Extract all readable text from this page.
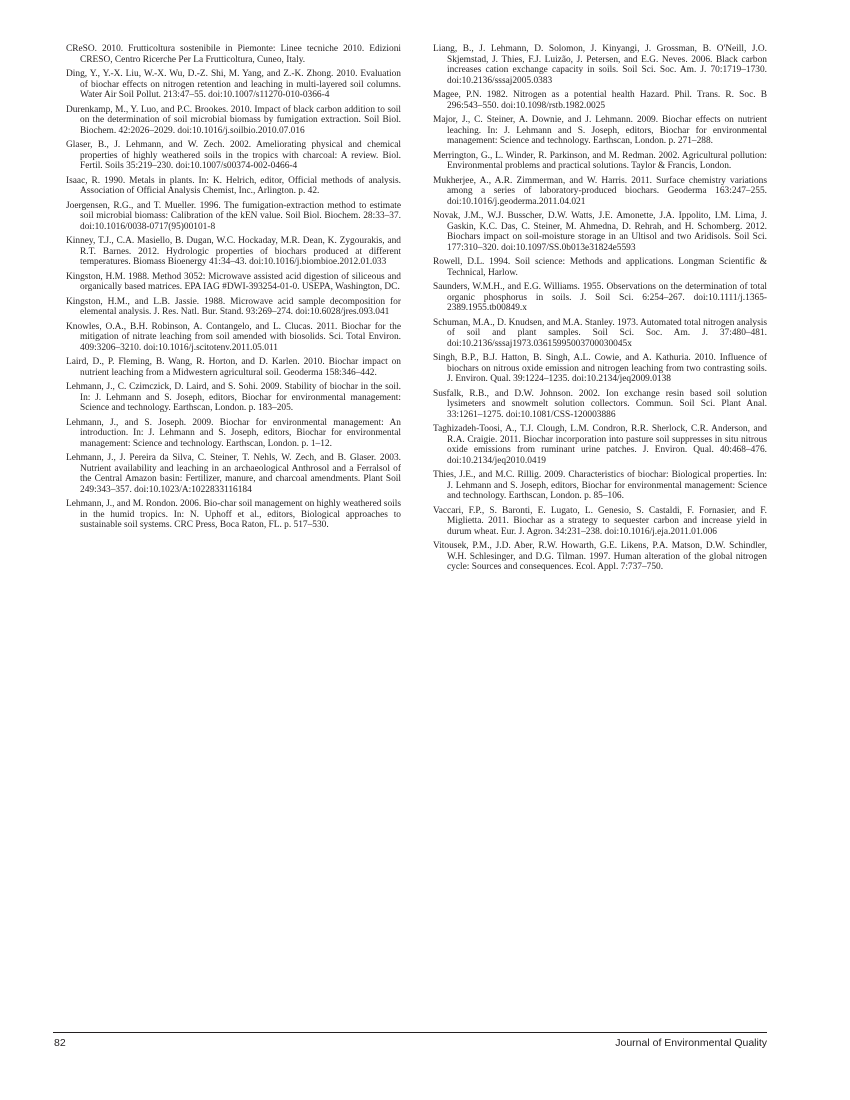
CReSO. 2010. Frutticoltura sostenibile in Piemonte: Linee tecniche 2010. Edizioni CRESO, Centro Ricerche Per La Frutticoltura, Cuneo, Italy.

Ding, Y., Y.-X. Liu, W.-X. Wu, D.-Z. Shi, M. Yang, and Z.-K. Zhong. 2010. Evaluation of biochar effects on nitrogen retention and leaching in multi-layered soil columns. Water Air Soil Pollut. 213:47–55. doi:10.1007/s11270-010-0366-4

Durenkamp, M., Y. Luo, and P.C. Brookes. 2010. Impact of black carbon addition to soil on the determination of soil microbial biomass by fumigation extraction. Soil Biol. Biochem. 42:2026–2029. doi:10.1016/j.soilbio.2010.07.016

Glaser, B., J. Lehmann, and W. Zech. 2002. Ameliorating physical and chemical properties of highly weathered soils in the tropics with charcoal: A review. Biol. Fertil. Soils 35:219–230. doi:10.1007/s00374-002-0466-4

Isaac, R. 1990. Metals in plants. In: K. Helrich, editor, Official methods of analysis. Association of Official Analysis Chemist, Inc., Arlington. p. 42.

Joergensen, R.G., and T. Mueller. 1996. The fumigation-extraction method to estimate soil microbial biomass: Calibration of the kEN value. Soil Biol. Biochem. 28:33–37. doi:10.1016/0038-0717(95)00101-8

Kinney, T.J., C.A. Masiello, B. Dugan, W.C. Hockaday, M.R. Dean, K. Zygourakis, and R.T. Barnes. 2012. Hydrologic properties of biochars produced at different temperatures. Biomass Bioenergy 41:34–43. doi:10.1016/j.biombioe.2012.01.033

Kingston, H.M. 1988. Method 3052: Microwave assisted acid digestion of siliceous and organically based matrices. EPA IAG #DWI-393254-01-0. USEPA, Washington, DC.

Kingston, H.M., and L.B. Jassie. 1988. Microwave acid sample decomposition for elemental analysis. J. Res. Natl. Bur. Stand. 93:269–274. doi:10.6028/jres.093.041

Knowles, O.A., B.H. Robinson, A. Contangelo, and L. Clucas. 2011. Biochar for the mitigation of nitrate leaching from soil amended with biosolids. Sci. Total Environ. 409:3206–3210. doi:10.1016/j.scitotenv.2011.05.011

Laird, D., P. Fleming, B. Wang, R. Horton, and D. Karlen. 2010. Biochar impact on nutrient leaching from a Midwestern agricultural soil. Geoderma 158:346–442.

Lehmann, J., C. Czimczick, D. Laird, and S. Sohi. 2009. Stability of biochar in the soil. In: J. Lehmann and S. Joseph, editors, Biochar for environmental management: Science and technology. Earthscan, London. p. 183–205.

Lehmann, J., and S. Joseph. 2009. Biochar for environmental management: An introduction. In: J. Lehmann and S. Joseph, editors, Biochar for environmental management: Science and technology. Earthscan, London. p. 1–12.

Lehmann, J., J. Pereira da Silva, C. Steiner, T. Nehls, W. Zech, and B. Glaser. 2003. Nutrient availability and leaching in an archaeological Anthrosol and a Ferralsol of the Central Amazon basin: Fertilizer, manure, and charcoal amendments. Plant Soil 249:343–357. doi:10.1023/A:1022833116184

Lehmann, J., and M. Rondon. 2006. Bio-char soil management on highly weathered soils in the humid tropics. In: N. Uphoff et al., editors, Biological approaches to sustainable soil systems. CRC Press, Boca Raton, FL. p. 517–530.

Liang, B., J. Lehmann, D. Solomon, J. Kinyangi, J. Grossman, B. O'Neill, J.O. Skjemstad, J. Thies, F.J. Luizão, J. Petersen, and E.G. Neves. 2006. Black carbon increases cation exchange capacity in soils. Soil Sci. Soc. Am. J. 70:1719–1730. doi:10.2136/sssaj2005.0383

Magee, P.N. 1982. Nitrogen as a potential health Hazard. Phil. Trans. R. Soc. B 296:543–550. doi:10.1098/rstb.1982.0025

Major, J., C. Steiner, A. Downie, and J. Lehmann. 2009. Biochar effects on nutrient leaching. In: J. Lehmann and S. Joseph, editors, Biochar for environmental management: Science and technology. Earthscan, London. p. 271–288.

Merrington, G., L. Winder, R. Parkinson, and M. Redman. 2002. Agricultural pollution: Environmental problems and practical solutions. Taylor & Francis, London.

Mukherjee, A., A.R. Zimmerman, and W. Harris. 2011. Surface chemistry variations among a series of laboratory-produced biochars. Geoderma 163:247–255. doi:10.1016/j.geoderma.2011.04.021

Novak, J.M., W.J. Busscher, D.W. Watts, J.E. Amonette, J.A. Ippolito, I.M. Lima, J. Gaskin, K.C. Das, C. Steiner, M. Ahmedna, D. Rehrah, and H. Schomberg. 2012. Biochars impact on soil-moisture storage in an Ultisol and two Aridisols. Soil Sci. 177:310–320. doi:10.1097/SS.0b013e31824e5593

Rowell, D.L. 1994. Soil science: Methods and applications. Longman Scientific & Technical, Harlow.

Saunders, W.M.H., and E.G. Williams. 1955. Observations on the determination of total organic phosphorus in soils. J. Soil Sci. 6:254–267. doi:10.1111/j.1365-2389.1955.tb00849.x

Schuman, M.A., D. Knudsen, and M.A. Stanley. 1973. Automated total nitrogen analysis of soil and plant samples. Soil Sci. Soc. Am. J. 37:480–481. doi:10.2136/sssaj1973.03615995003700030045x

Singh, B.P., B.J. Hatton, B. Singh, A.L. Cowie, and A. Kathuria. 2010. Influence of biochars on nitrous oxide emission and nitrogen leaching from two contrasting soils. J. Environ. Qual. 39:1224–1235. doi:10.2134/jeq2009.0138

Susfalk, R.B., and D.W. Johnson. 2002. Ion exchange resin based soil solution lysimeters and snowmelt solution collectors. Commun. Soil Sci. Plant Anal. 33:1261–1275. doi:10.1081/CSS-120003886

Taghizadeh-Toosi, A., T.J. Clough, L.M. Condron, R.R. Sherlock, C.R. Anderson, and R.A. Craigie. 2011. Biochar incorporation into pasture soil suppresses in situ nitrous oxide emissions from ruminant urine patches. J. Environ. Qual. 40:468–476. doi:10.2134/jeq2010.0419

Thies, J.E., and M.C. Rillig. 2009. Characteristics of biochar: Biological properties. In: J. Lehmann and S. Joseph, editors, Biochar for environmental management: Science and technology. Earthscan, London. p. 85–106.

Vaccari, F.P., S. Baronti, E. Lugato, L. Genesio, S. Castaldi, F. Fornasier, and F. Miglietta. 2011. Biochar as a strategy to sequester carbon and increase yield in durum wheat. Eur. J. Agron. 34:231–238. doi:10.1016/j.eja.2011.01.006

Vitousek, P.M., J.D. Aber, R.W. Howarth, G.E. Likens, P.A. Matson, D.W. Schindler, W.H. Schlesinger, and D.G. Tilman. 1997. Human alteration of the global nitrogen cycle: Sources and consequences. Ecol. Appl. 7:737–750.

82	Journal of Environmental Quality
